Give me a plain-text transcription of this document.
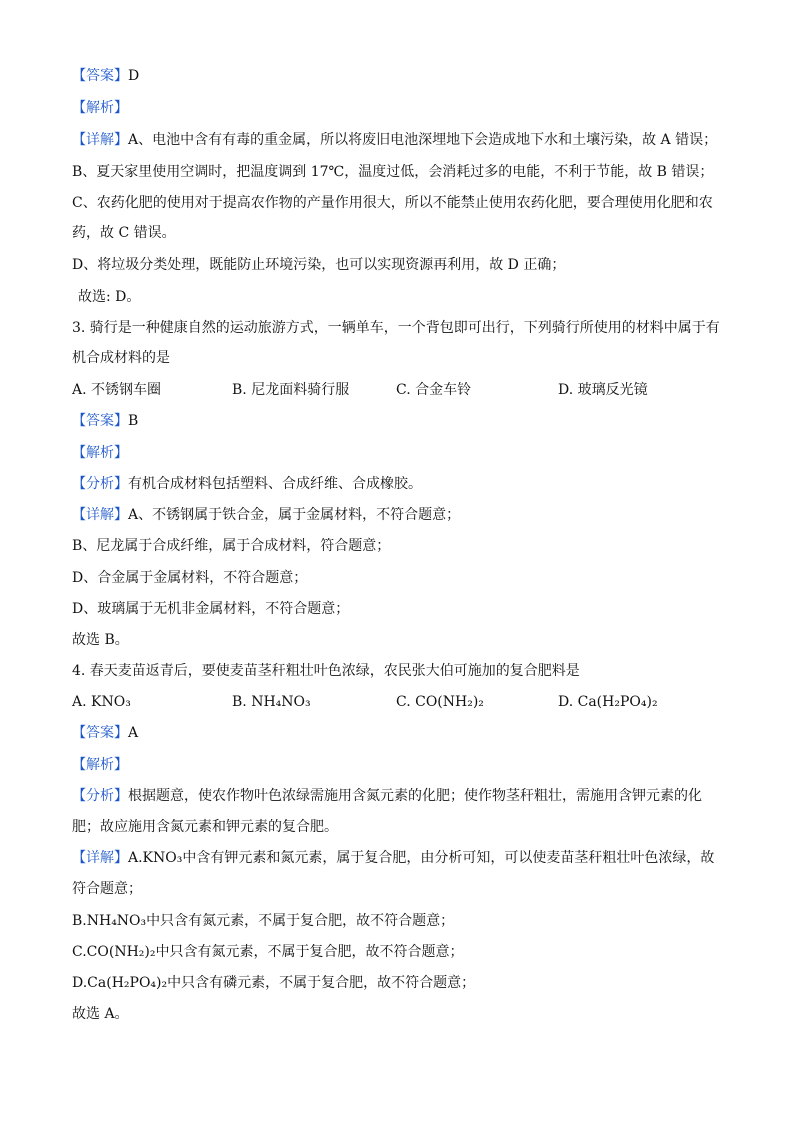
【答案】D
【解析】
【详解】A、电池中含有有毒的重金属，所以将废旧电池深埋地下会造成地下水和土壤污染，故 A 错误；
B、夏天家里使用空调时，把温度调到 17℃，温度过低，会消耗过多的电能，不利于节能，故 B 错误；
C、农药化肥的使用对于提高农作物的产量作用很大，所以不能禁止使用农药化肥，要合理使用化肥和农
药，故 C 错误。
D、将垃圾分类处理，既能防止环境污染，也可以实现资源再利用，故 D 正确；
故选: D。
3. 骑行是一种健康自然的运动旅游方式，一辆单车，一个背包即可出行，下列骑行所使用的材料中属于有
机合成材料的是
A. 不锈钢车圈	B. 尼龙面料骑行服	C. 合金车铃	D. 玻璃反光镜
【答案】B
【解析】
【分析】有机合成材料包括塑料、合成纤维、合成橡胶。
【详解】A、不锈钢属于铁合金，属于金属材料，不符合题意；
B、尼龙属于合成纤维，属于合成材料，符合题意；
D、合金属于金属材料，不符合题意；
D、玻璃属于无机非金属材料，不符合题意；
故选 B。
4. 春天麦苗返青后，要使麦苗茎秆粗壮叶色浓绿，农民张大伯可施加的复合肥料是
A. KNO₃	B. NH₄NO₃	C. CO(NH₂)₂	D. Ca(H₂PO₄)₂
【答案】A
【解析】
【分析】根据题意，使农作物叶色浓绿需施用含氮元素的化肥；使作物茎秆粗壮，需施用含钾元素的化
肥；故应施用含氮元素和钾元素的复合肥。
【详解】A.KNO₃中含有钾元素和氮元素，属于复合肥，由分析可知，可以使麦苗茎秆粗壮叶色浓绿，故
符合题意；
B.NH₄NO₃中只含有氮元素，不属于复合肥，故不符合题意；
C.CO(NH₂)₂中只含有氮元素，不属于复合肥，故不符合题意；
D.Ca(H₂PO₄)₂中只含有磷元素，不属于复合肥，故不符合题意；
故选 A。
